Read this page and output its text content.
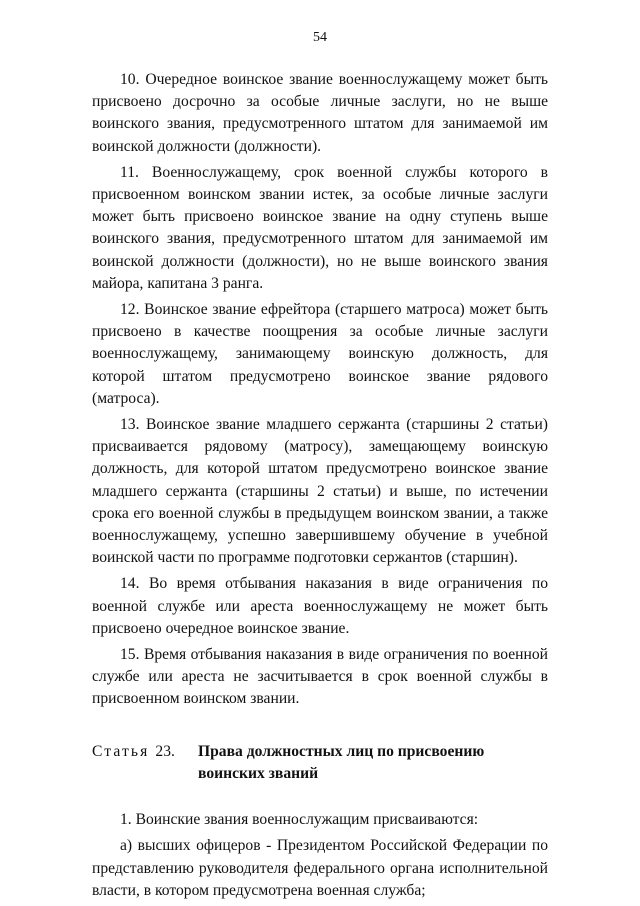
54

10. Очередное воинское звание военнослужащему может быть присвоено досрочно за особые личные заслуги, но не выше воинского звания, предусмотренного штатом для занимаемой им воинской должности (должности).

11. Военнослужащему, срок военной службы которого в присвоенном воинском звании истек, за особые личные заслуги может быть присвоено воинское звание на одну ступень выше воинского звания, предусмотренного штатом для занимаемой им воинской должности (должности), но не выше воинского звания майора, капитана 3 ранга.

12. Воинское звание ефрейтора (старшего матроса) может быть присвоено в качестве поощрения за особые личные заслуги военнослужащему, занимающему воинскую должность, для которой штатом предусмотрено воинское звание рядового (матроса).

13. Воинское звание младшего сержанта (старшины 2 статьи) присваивается рядовому (матросу), замещающему воинскую должность, для которой штатом предусмотрено воинское звание младшего сержанта (старшины 2 статьи) и выше, по истечении срока его военной службы в предыдущем воинском звании, а также военнослужащему, успешно завершившему обучение в учебной воинской части по программе подготовки сержантов (старшин).

14. Во время отбывания наказания в виде ограничения по военной службе или ареста военнослужащему не может быть присвоено очередное воинское звание.

15. Время отбывания наказания в виде ограничения по военной службе или ареста не засчитывается в срок военной службы в присвоенном воинском звании.

Статья 23.	Права должностных лиц по присвоению воинских званий

1. Воинские звания военнослужащим присваиваются:

а) высших офицеров - Президентом Российской Федерации по представлению руководителя федерального органа исполнительной власти, в котором предусмотрена военная служба;
